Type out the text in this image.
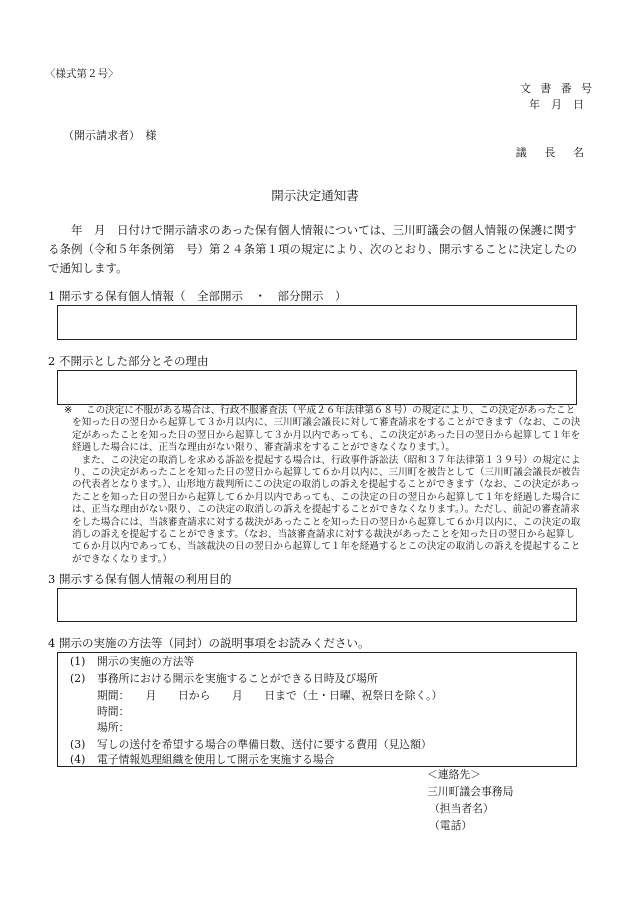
〈様式第２号〉
文書番号
年　月　日
（開示請求者）　様
議長名
開示決定通知書

　　年　月　日付けで開示請求のあった保有個人情報については、三川町議会の個人情報の保護に関する条例（令和５年条例第　号）第２４条第１項の規定により、次のとおり、開示することに決定したので通知します。

1 開示する保有個人情報（　全部開示　・　部分開示　）
2 不開示とした部分とその理由
※	この決定に不服がある場合は、行政不服審査法（平成２６年法律第６８号）の規定により、この決定があったことを知った日の翌日から起算して３か月以内に、三川町議会議長に対して審査請求をすることができます（なお、この決定があったことを知った日の翌日から起算して３か月以内であっても、この決定があった日の翌日から起算して１年を経過した場合には、正当な理由がない限り、審査請求をすることができなくなります。）。

　また、この決定の取消しを求める訴訟を提起する場合は、行政事件訴訟法（昭和３７年法律第１３９号）の規定により、この決定があったことを知った日の翌日から起算して６か月以内に、三川町を被告として（三川町議会議長が被告の代表者となります。）、山形地方裁判所にこの決定の取消しの訴えを提起することができます（なお、この決定があったことを知った日の翌日から起算して６か月以内であっても、この決定の日の翌日から起算して１年を経過した場合には、正当な理由がない限り、この決定の取消しの訴えを提起することができなくなります。）。ただし、前記の審査請求をした場合には、当該審査請求に対する裁決があったことを知った日の翌日から起算して６か月以内に、この決定の取消しの訴えを提起することができます。（なお、当該審査請求に対する裁決があったことを知った日の翌日から起算して６か月以内であっても、当該裁決の日の翌日から起算して１年を経過するとこの決定の取消しの訴えを提起することができなくなります。）

3 開示する保有個人情報の利用目的
4 開示の実施の方法等（同封）の説明事項をお読みください。
(1) 開示の実施の方法等
(2) 事務所における開示を実施することができる日時及び場所
期間：　　月　　日から　　月　　日まで（土・日曜、祝祭日を除く。）
時間：
場所：
(3) 写しの送付を希望する場合の準備日数、送付に要する費用（見込額）
(4) 電子情報処理組織を使用して開示を実施する場合
＜連絡先＞
三川町議会事務局
（担当者名）
（電話）
